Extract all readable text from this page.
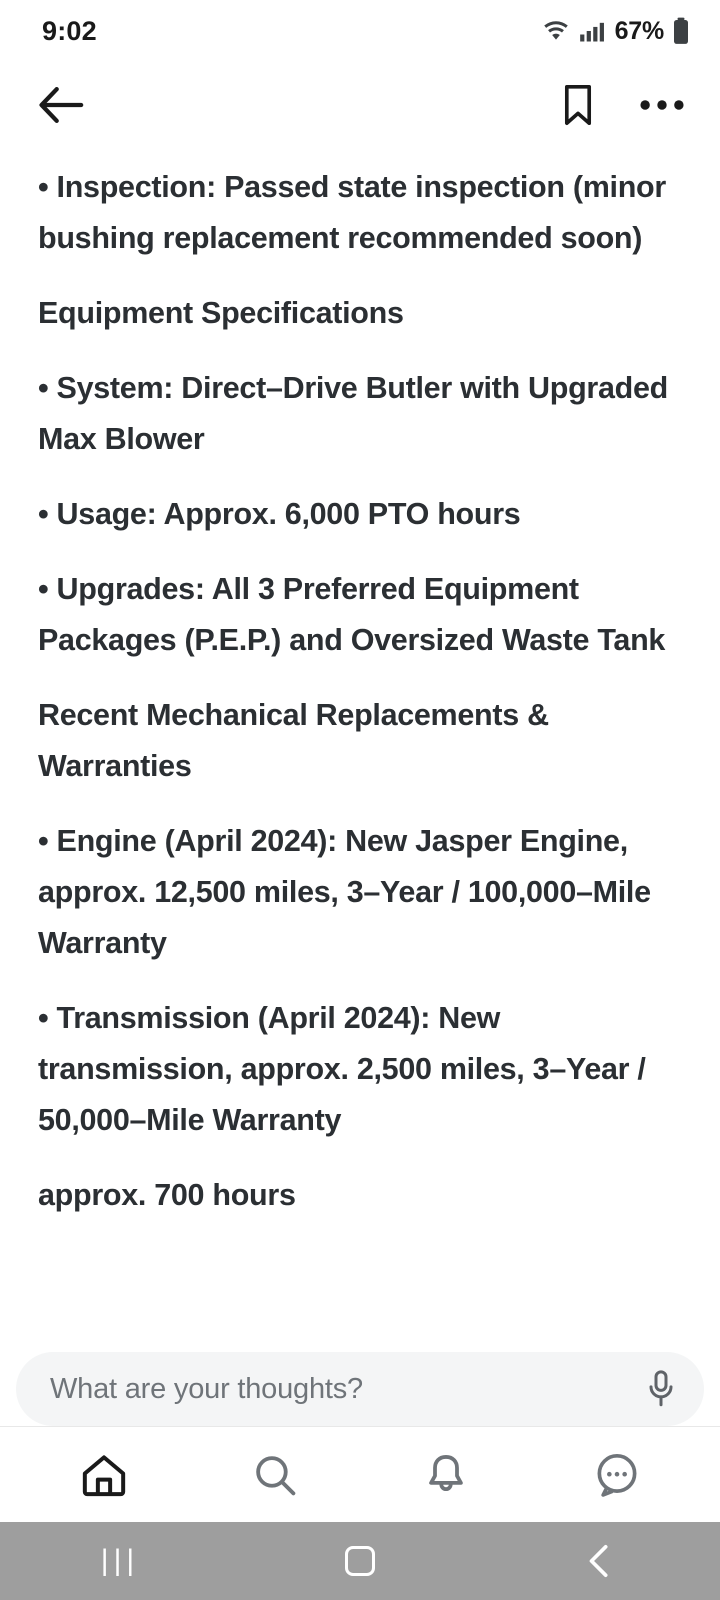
9:02	67%

• Inspection: Passed state inspection (minor bushing replacement recommended soon)

Equipment Specifications

• System: Direct–Drive Butler with Upgraded Max Blower

• Usage: Approx. 6,000 PTO hours

• Upgrades: All 3 Preferred Equipment Packages (P.E.P.) and Oversized Waste Tank

Recent Mechanical Replacements & Warranties

• Engine (April 2024): New Jasper Engine, approx. 12,500 miles, 3–Year / 100,000–Mile Warranty

• Transmission (April 2024): New transmission, approx. 2,500 miles, 3–Year / 50,000–Mile Warranty

approx. 700 hours

What are your thoughts?
|||
